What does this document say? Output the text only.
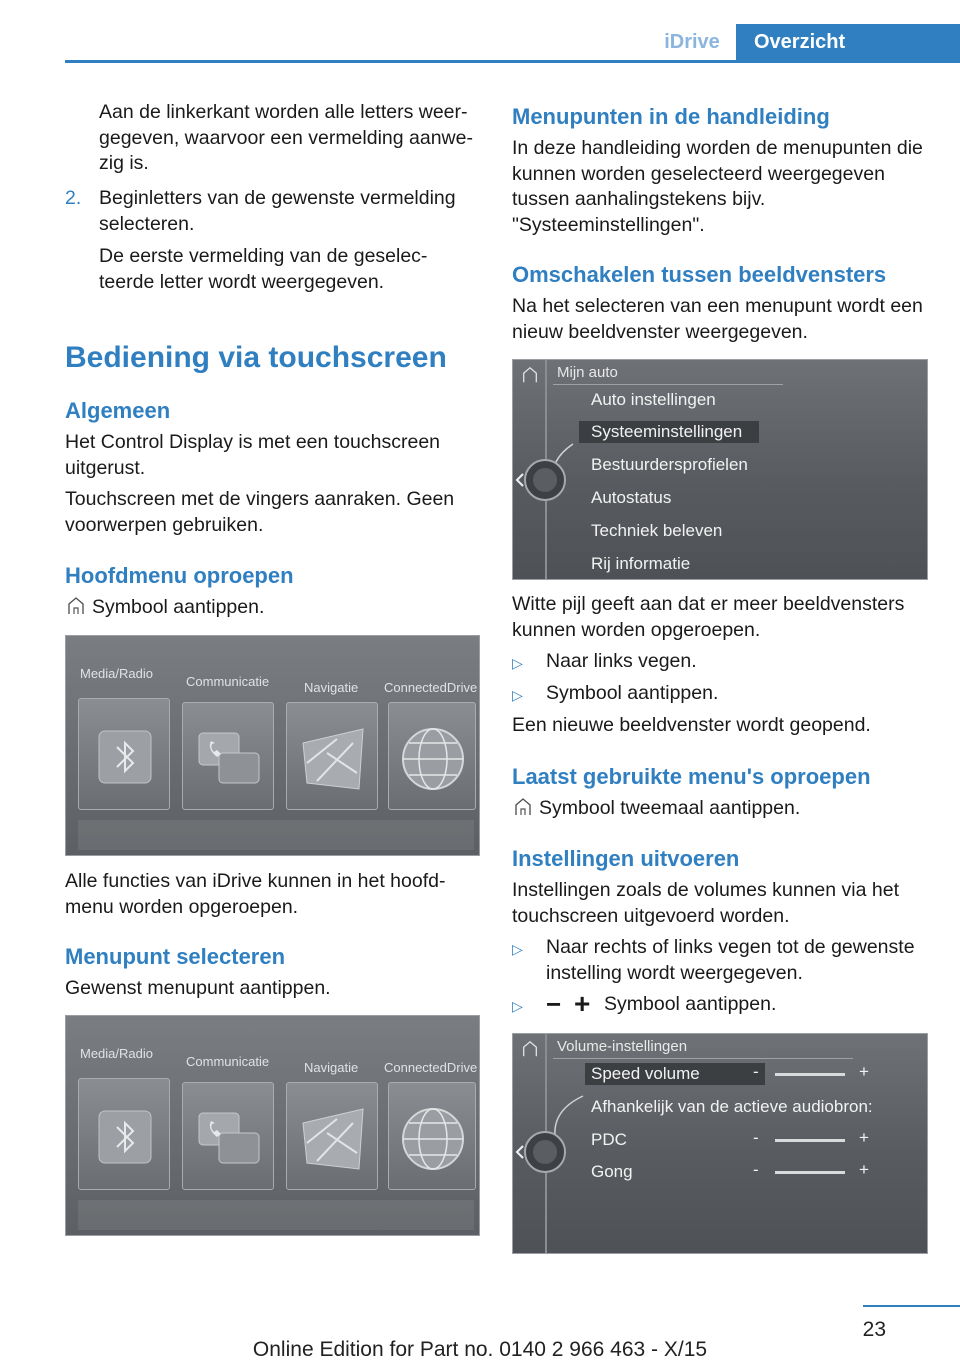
iDrive	Overzicht
Aan de linkerkant worden alle letters weer‐gegeven, waarvoor een vermelding aanwe‐zig is.
2. Beginletters van de gewenste vermelding selecteren.
De eerste vermelding van de geselec‐teerde letter wordt weergegeven.
Bediening via touchscreen
Algemeen
Het Control Display is met een touchscreen uitgerust.
Touchscreen met de vingers aanraken. Geen voorwerpen gebruiken.
Hoofdmenu oproepen
Symbool aantippen.
Media/Radio
Communicatie	Navigatie ConnectedDrive
Alle functies van iDrive kunnen in het hoofd‐menu worden opgeroepen.
Menupunt selecteren
Gewenst menupunt aantippen.
Media/Radio
Communicatie	Navigatie ConnectedDrive
Menupunten in de handleiding
In deze handleiding worden de menupunten die kunnen worden geselecteerd weergegeven tussen aanhalingstekens bijv. "Systeeminstellingen".
Omschakelen tussen beeldvensters
Na het selecteren van een menupunt wordt een nieuw beeldvenster weergegeven.
Mijn auto
Auto instellingen
Systeeminstellingen
Bestuurdersprofielen
Autostatus
Techniek beleven
Rij informatie
Witte pijl geeft aan dat er meer beeldvensters kunnen worden opgeroepen.
▷ Naar links vegen.
▷ Symbool aantippen.
Een nieuwe beeldvenster wordt geopend.
Laatst gebruikte menu's oproepen
Symbool tweemaal aantippen.
Instellingen uitvoeren
Instellingen zoals de volumes kunnen via het touchscreen uitgevoerd worden.
▷ Naar rechts of links vegen tot de gewenste instelling wordt weergegeven.
▷ − + Symbool aantippen.
Volume-instellingen
Speed volume	-	+
Afhankelijk van de actieve audiobron:
PDC	-	+
Gong	-	+
23
Online Edition for Part no. 0140 2 966 463 - X/15
